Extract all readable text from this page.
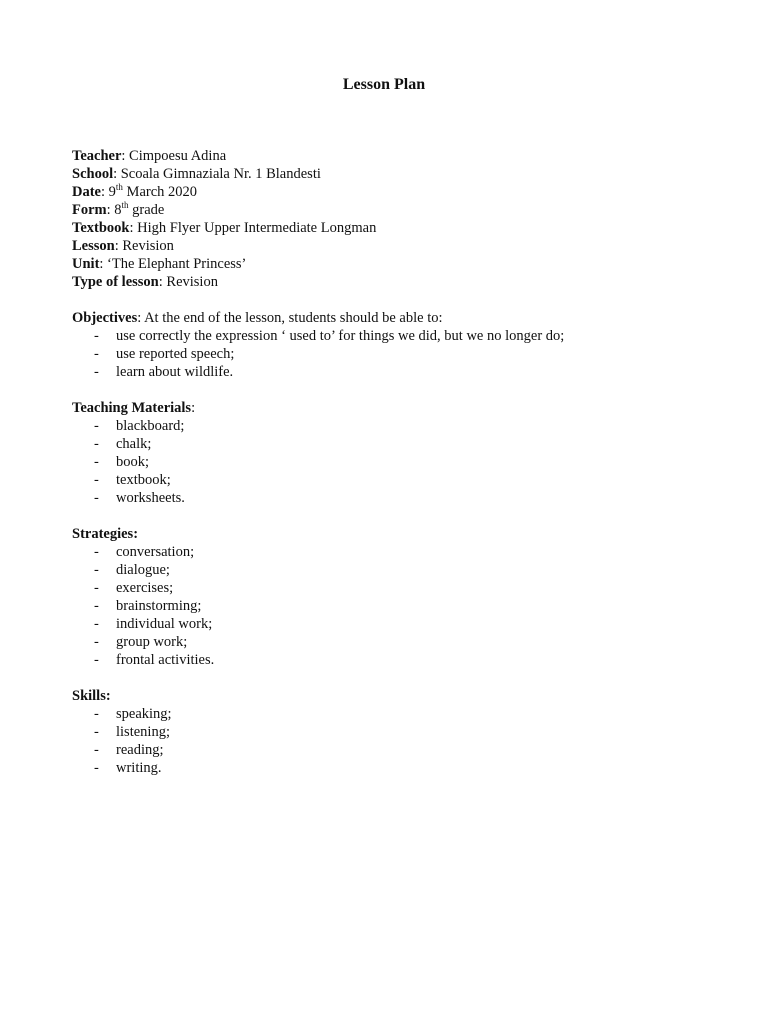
Lesson Plan
Teacher: Cimpoesu Adina
School: Scoala Gimnaziala Nr. 1 Blandesti
Date: 9th March 2020
Form: 8th grade
Textbook: High Flyer Upper Intermediate Longman
Lesson: Revision
Unit: ‘The Elephant Princess’
Type of lesson: Revision
Objectives: At the end of the lesson, students should be able to:
- use correctly the expression ‘ used to’ for things we did, but we no longer do;
- use reported speech;
- learn about wildlife.
Teaching Materials:
- blackboard;
- chalk;
- book;
- textbook;
- worksheets.
Strategies:
- conversation;
- dialogue;
- exercises;
- brainstorming;
- individual work;
- group work;
- frontal activities.
Skills:
- speaking;
- listening;
- reading;
- writing.
